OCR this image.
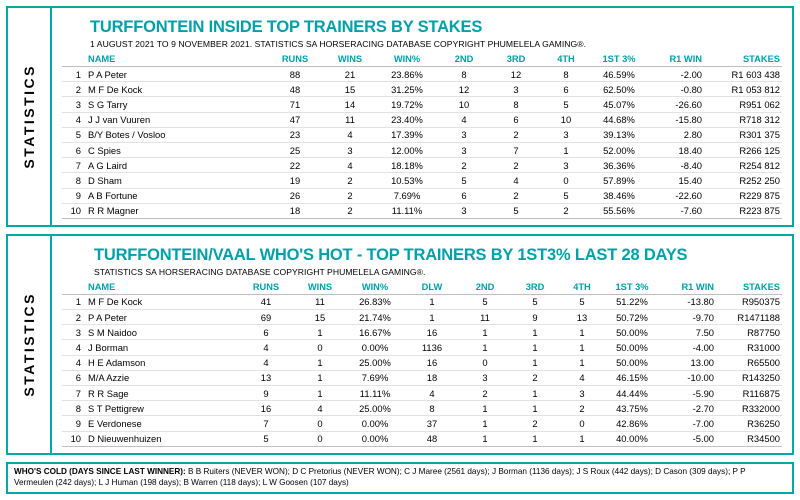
STATISTICS
TURFFONTEIN INSIDE TOP TRAINERS BY STAKES
1 AUGUST 2021 TO 9 NOVEMBER 2021. STATISTICS SA HORSERACING DATABASE COPYRIGHT PHUMELELA GAMING®.
	NAME	RUNS	WINS	WIN%	2ND	3RD	4TH	1ST 3%	R1 WIN	STAKES
1	P A Peter	88	21	23.86%	8	12	8	46.59%	-2.00	R1 603 438
2	M F De Kock	48	15	31.25%	12	3	6	62.50%	-0.80	R1 053 812
3	S G Tarry	71	14	19.72%	10	8	5	45.07%	-26.60	R951 062
4	J J van Vuuren	47	11	23.40%	4	6	10	44.68%	-15.80	R718 312
5	B/Y Botes / Vosloo	23	4	17.39%	3	2	3	39.13%	2.80	R301 375
6	C Spies	25	3	12.00%	3	7	1	52.00%	18.40	R266 125
7	A G Laird	22	4	18.18%	2	2	3	36.36%	-8.40	R254 812
8	D Sham	19	2	10.53%	5	4	0	57.89%	15.40	R252 250
9	A B Fortune	26	2	7.69%	6	2	5	38.46%	-22.60	R229 875
10	R R Magner	18	2	11.11%	3	5	2	55.56%	-7.60	R223 875
STATISTICS
TURFFONTEIN/VAAL WHO'S HOT - TOP TRAINERS BY 1ST3% LAST 28 DAYS
STATISTICS SA HORSERACING DATABASE COPYRIGHT PHUMELELA GAMING®.
	NAME	RUNS	WINS	WIN%	DLW	2ND	3RD	4TH	1ST 3%	R1 WIN	STAKES
1	M F De Kock	41	11	26.83%	1	5	5	5	51.22%	-13.80	R950375
2	P A Peter	69	15	21.74%	1	11	9	13	50.72%	-9.70	R1471188
3	S M Naidoo	6	1	16.67%	16	1	1	1	50.00%	7.50	R87750
4	J Borman	4	0	0.00%	1136	1	1	1	50.00%	-4.00	R31000
4	H E Adamson	4	1	25.00%	16	0	1	1	50.00%	13.00	R65500
6	M/A Azzie	13	1	7.69%	18	3	2	4	46.15%	-10.00	R143250
7	R R Sage	9	1	11.11%	4	2	1	3	44.44%	-5.90	R116875
8	S T Pettigrew	16	4	25.00%	8	1	1	2	43.75%	-2.70	R332000
9	E Verdonese	7	0	0.00%	37	1	2	0	42.86%	-7.00	R36250
10	D Nieuwenhuizen	5	0	0.00%	48	1	1	1	40.00%	-5.00	R34500
WHO'S COLD (DAYS SINCE LAST WINNER): B B Ruiters (NEVER WON); D C Pretorius (NEVER WON); C J Maree (2561 days); J Borman (1136 days); J S Roux (442 days); D Cason (309 days); P P Vermeulen (242 days); L J Human (198 days); B Warren (118 days); L W Goosen (107 days)
